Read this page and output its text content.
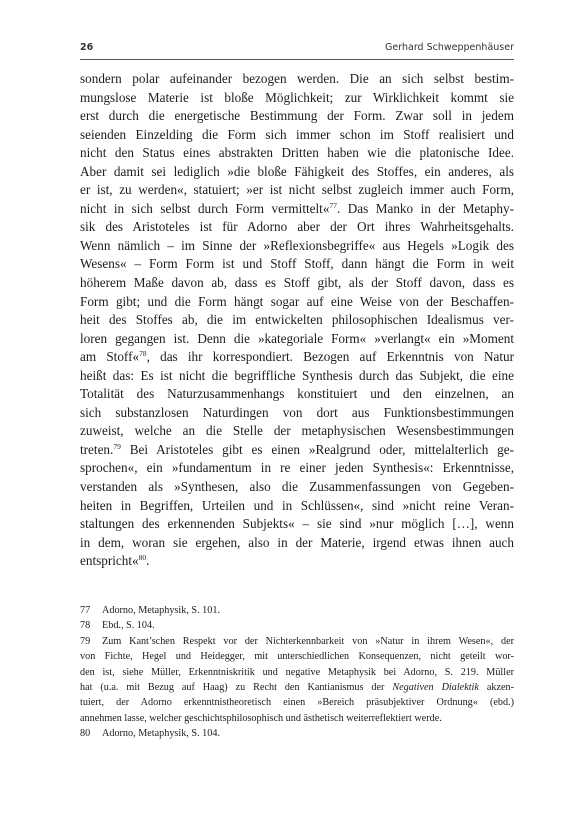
26	Gerhard Schweppenhäuser
sondern polar aufeinander bezogen werden. Die an sich selbst bestim-
mungslose Materie ist bloße Möglichkeit; zur Wirklichkeit kommt sie
erst durch die energetische Bestimmung der Form. Zwar soll in jedem
seienden Einzelding die Form sich immer schon im Stoff realisiert und
nicht den Status eines abstrakten Dritten haben wie die platonische Idee.
Aber damit sei lediglich »die bloße Fähigkeit des Stoffes, ein anderes, als
er ist, zu werden«, statuiert; »er ist nicht selbst zugleich immer auch Form,
nicht in sich selbst durch Form vermittelt«$^{77}$. Das Manko in der Metaphy-
sik des Aristoteles ist für Adorno aber der Ort ihres Wahrheitsgehalts.
Wenn nämlich – im Sinne der »Reflexionsbegriffe« aus Hegels »Logik des
Wesens« – Form Form ist und Stoff Stoff, dann hängt die Form in weit
höherem Maße davon ab, dass es Stoff gibt, als der Stoff davon, dass es
Form gibt; und die Form hängt sogar auf eine Weise von der Beschaffen-
heit des Stoffes ab, die im entwickelten philosophischen Idealismus ver-
loren gegangen ist. Denn die »kategoriale Form« »verlangt« ein »Moment
am Stoff«$^{78}$, das ihr korrespondiert. Bezogen auf Erkenntnis von Natur
heißt das: Es ist nicht die begriffliche Synthesis durch das Subjekt, die eine
Totalität des Naturzusammenhangs konstituiert und den einzelnen, an
sich substanzlosen Naturdingen von dort aus Funktionsbestimmungen
zuweist, welche an die Stelle der metaphysischen Wesensbestimmungen
treten.$^{79}$ Bei Aristoteles gibt es einen »Realgrund oder, mittelalterlich ge-
sprochen«, ein »fundamentum in re einer jeden Synthesis«: Erkenntnisse,
verstanden als »Synthesen, also die Zusammenfassungen von Gegeben-
heiten in Begriffen, Urteilen und in Schlüssen«, sind »nicht reine Veran-
staltungen des erkennenden Subjekts« – sie sind »nur möglich […], wenn
in dem, woran sie ergehen, also in der Materie, irgend etwas ihnen auch
entspricht«$^{80}$.
77 Adorno, Metaphysik, S. 101.
78 Ebd., S. 104.
79 Zum Kant’schen Respekt vor der Nichterkennbarkeit von »Natur in ihrem Wesen«, der
von Fichte, Hegel und Heidegger, mit unterschiedlichen Konsequenzen, nicht geteilt wor-
den ist, siehe Müller, Erkenntniskritik und negative Metaphysik bei Adorno, S. 219. Müller
hat (u.a. mit Bezug auf Haag) zu Recht den Kantianismus der Negativen Dialektik akzen-
tuiert, der Adorno erkenntnistheoretisch einen »Bereich präsubjektiver Ordnung« (ebd.)
annehmen lasse, welcher geschichtsphilosophisch und ästhetisch weiterreflektiert werde.
80 Adorno, Metaphysik, S. 104.
